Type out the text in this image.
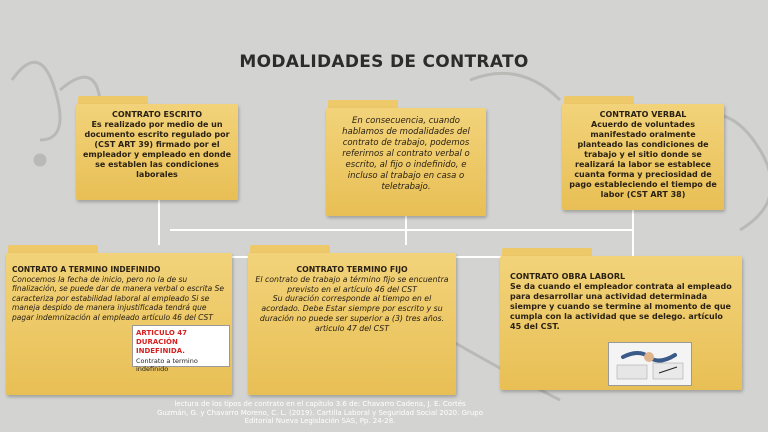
MODALIDADES DE CONTRATO
CONTRATO ESCRITO
Es realizado por medio de un documento escrito regulado por (CST ART 39) firmado por el empleador y empleado en donde se establen las condiciones laborales
En consecuencia, cuando hablamos de modalidades del contrato de trabajo, podemos referirnos al contrato verbal o escrito, al fijo o indefinido, e incluso al trabajo en casa o teletrabajo.
CONTRATO VERBAL
Acuerdo de voluntades manifestado oralmente planteado las condiciones de trabajo y el sitio donde se realizará la labor se establece cuanta forma y preciosidad de pago estableciendo el tiempo de labor (CST ART 38)
CONTRATO A TERMINO INDEFINIDO
Conocemos la fecha de inicio, pero no la de su finalización, se puede dar de manera verbal o escrita Se caracteriza por estabilidad laboral al empleado Si se maneja despido de manera injustificada tendrá que pagar indemnización al empleado artículo 46 del CST
ARTICULO 47 DURACIÓN INDEFINIDA.
Contrato a termino indefinido
CONTRATO TERMINO FIJO
El contrato de trabajo a término fijo se encuentra previsto en el artículo 46 del CST
Su duración corresponde al tiempo en el acordado. Debe Estar siempre por escrito y su duración no puede ser superior a (3) tres años.
articulo 47 del CST
CONTRATO OBRA LABORL
Se da cuando el empleador contrata al empleado para desarrollar una actividad determinada siempre y cuando se termine al momento de que cumpla con la actividad que se delego. artículo 45 del CST.
lectura de los tipos de contrato en el capitulo 3.6 de: Chavarro Cadena, J. E. Cortés
Guzmán, G. y Chavarro Moreno, C. L. (2019). Cartilla Laboral y Seguridad Social 2020. Grupo
Editorial Nueva Legislación SAS, Pp. 24-28.
